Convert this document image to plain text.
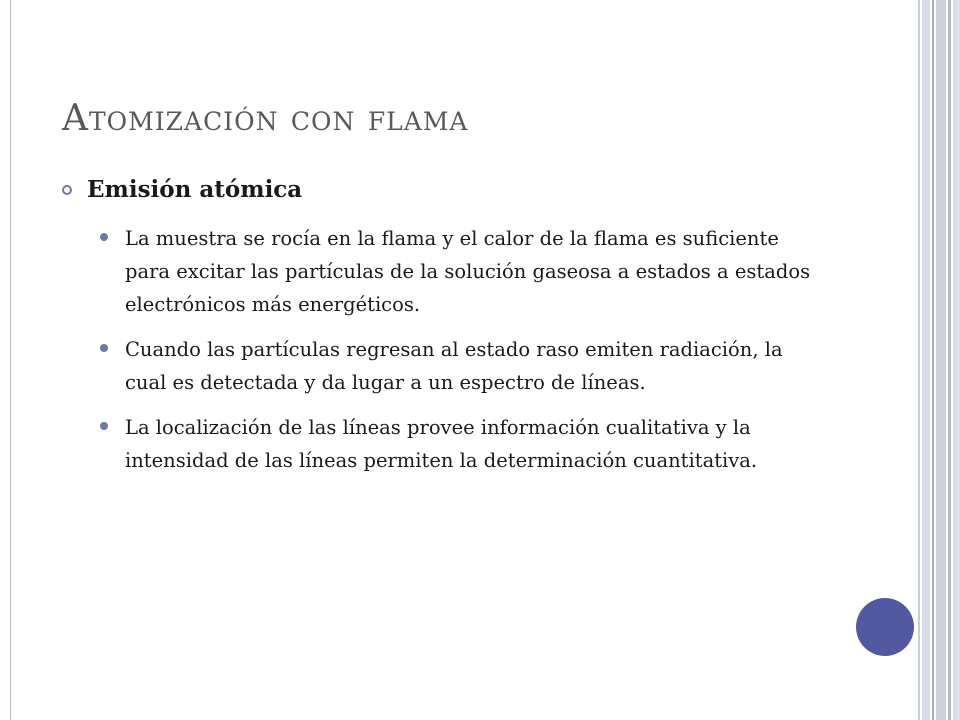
Atomización con flama
Emisión atómica
La muestra se rocía en la flama y el calor de la flama es suficiente para excitar las partículas de la solución gaseosa a estados a estados electrónicos más energéticos.
Cuando las partículas regresan al estado raso emiten radiación, la cual es detectada y da lugar a un espectro de líneas.
La localización de las líneas provee información cualitativa y la intensidad de las líneas permiten la determinación cuantitativa.
